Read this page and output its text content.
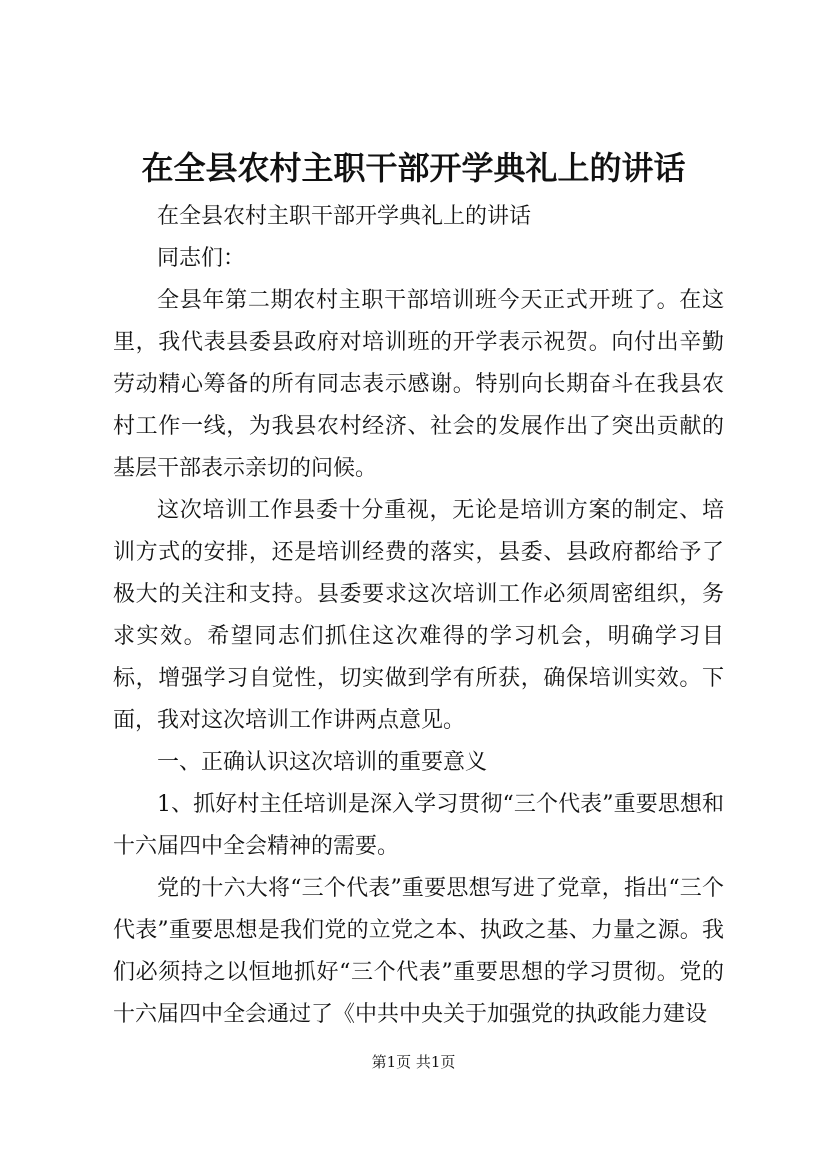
在全县农村主职干部开学典礼上的讲话

在全县农村主职干部开学典礼上的讲话

同志们：

全县年第二期农村主职干部培训班今天正式开班了。在这里，我代表县委县政府对培训班的开学表示祝贺。向付出辛勤劳动精心筹备的所有同志表示感谢。特别向长期奋斗在我县农村工作一线，为我县农村经济、社会的发展作出了突出贡献的基层干部表示亲切的问候。

这次培训工作县委十分重视，无论是培训方案的制定、培训方式的安排，还是培训经费的落实，县委、县政府都给予了极大的关注和支持。县委要求这次培训工作必须周密组织，务求实效。希望同志们抓住这次难得的学习机会，明确学习目标，增强学习自觉性，切实做到学有所获，确保培训实效。下面，我对这次培训工作讲两点意见。

一、正确认识这次培训的重要意义

1、抓好村主任培训是深入学习贯彻“三个代表”重要思想和十六届四中全会精神的需要。

党的十六大将“三个代表”重要思想写进了党章，指出“三个代表”重要思想是我们党的立党之本、执政之基、力量之源。我们必须持之以恒地抓好“三个代表”重要思想的学习贯彻。党的十六届四中全会通过了《中共中央关于加强党的执政能力建设

第1页 共1页
